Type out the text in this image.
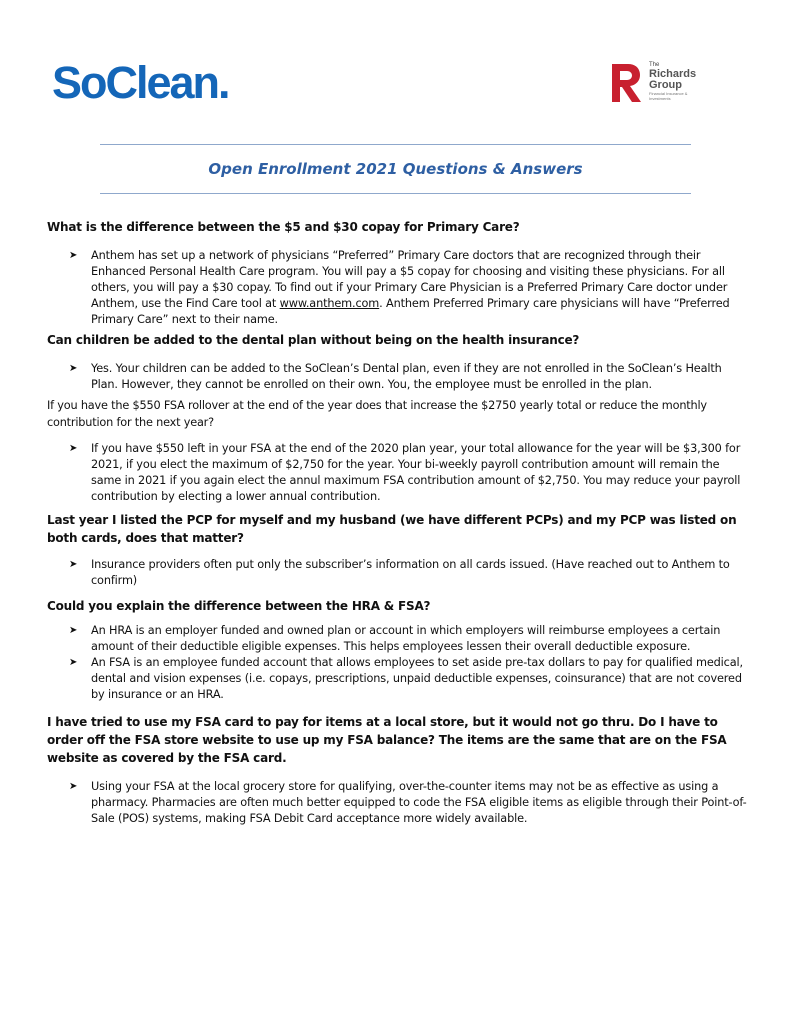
SoClean.	The
Richards
Group
Financial Insurance & Investments
Open Enrollment 2021 Questions & Answers

What is the difference between the $5 and $30 copay for Primary Care?

➤	Anthem has set up a network of physicians “Preferred” Primary Care doctors that are recognized through their Enhanced Personal Health Care program. You will pay a $5 copay for choosing and visiting these physicians. For all others, you will pay a $30 copay. To find out if your Primary Care Physician is a Preferred Primary Care doctor under Anthem, use the Find Care tool at www.anthem.com. Anthem Preferred Primary care physicians will have “Preferred Primary Care” next to their name.

Can children be added to the dental plan without being on the health insurance?

➤	Yes. Your children can be added to the SoClean’s Dental plan, even if they are not enrolled in the SoClean’s Health Plan. However, they cannot be enrolled on their own. You, the employee must be enrolled in the plan.

If you have the $550 FSA rollover at the end of the year does that increase the $2750 yearly total or reduce the monthly contribution for the next year?

➤	If you have $550 left in your FSA at the end of the 2020 plan year, your total allowance for the year will be $3,300 for 2021, if you elect the maximum of $2,750 for the year. Your bi-weekly payroll contribution amount will remain the same in 2021 if you again elect the annul maximum FSA contribution amount of $2,750. You may reduce your payroll contribution by electing a lower annual contribution.

Last year I listed the PCP for myself and my husband (we have different PCPs) and my PCP was listed on both cards, does that matter?

➤	Insurance providers often put only the subscriber’s information on all cards issued. (Have reached out to Anthem to confirm)

Could you explain the difference between the HRA & FSA?

➤	An HRA is an employer funded and owned plan or account in which employers will reimburse employees a certain amount of their deductible eligible expenses. This helps employees lessen their overall deductible exposure.
➤	An FSA is an employee funded account that allows employees to set aside pre-tax dollars to pay for qualified medical, dental and vision expenses (i.e. copays, prescriptions, unpaid deductible expenses, coinsurance) that are not covered by insurance or an HRA.

I have tried to use my FSA card to pay for items at a local store, but it would not go thru. Do I have to order off the FSA store website to use up my FSA balance? The items are the same that are on the FSA website as covered by the FSA card.

➤	Using your FSA at the local grocery store for qualifying, over-the-counter items may not be as effective as using a pharmacy. Pharmacies are often much better equipped to code the FSA eligible items as eligible through their Point-of-Sale (POS) systems, making FSA Debit Card acceptance more widely available.
